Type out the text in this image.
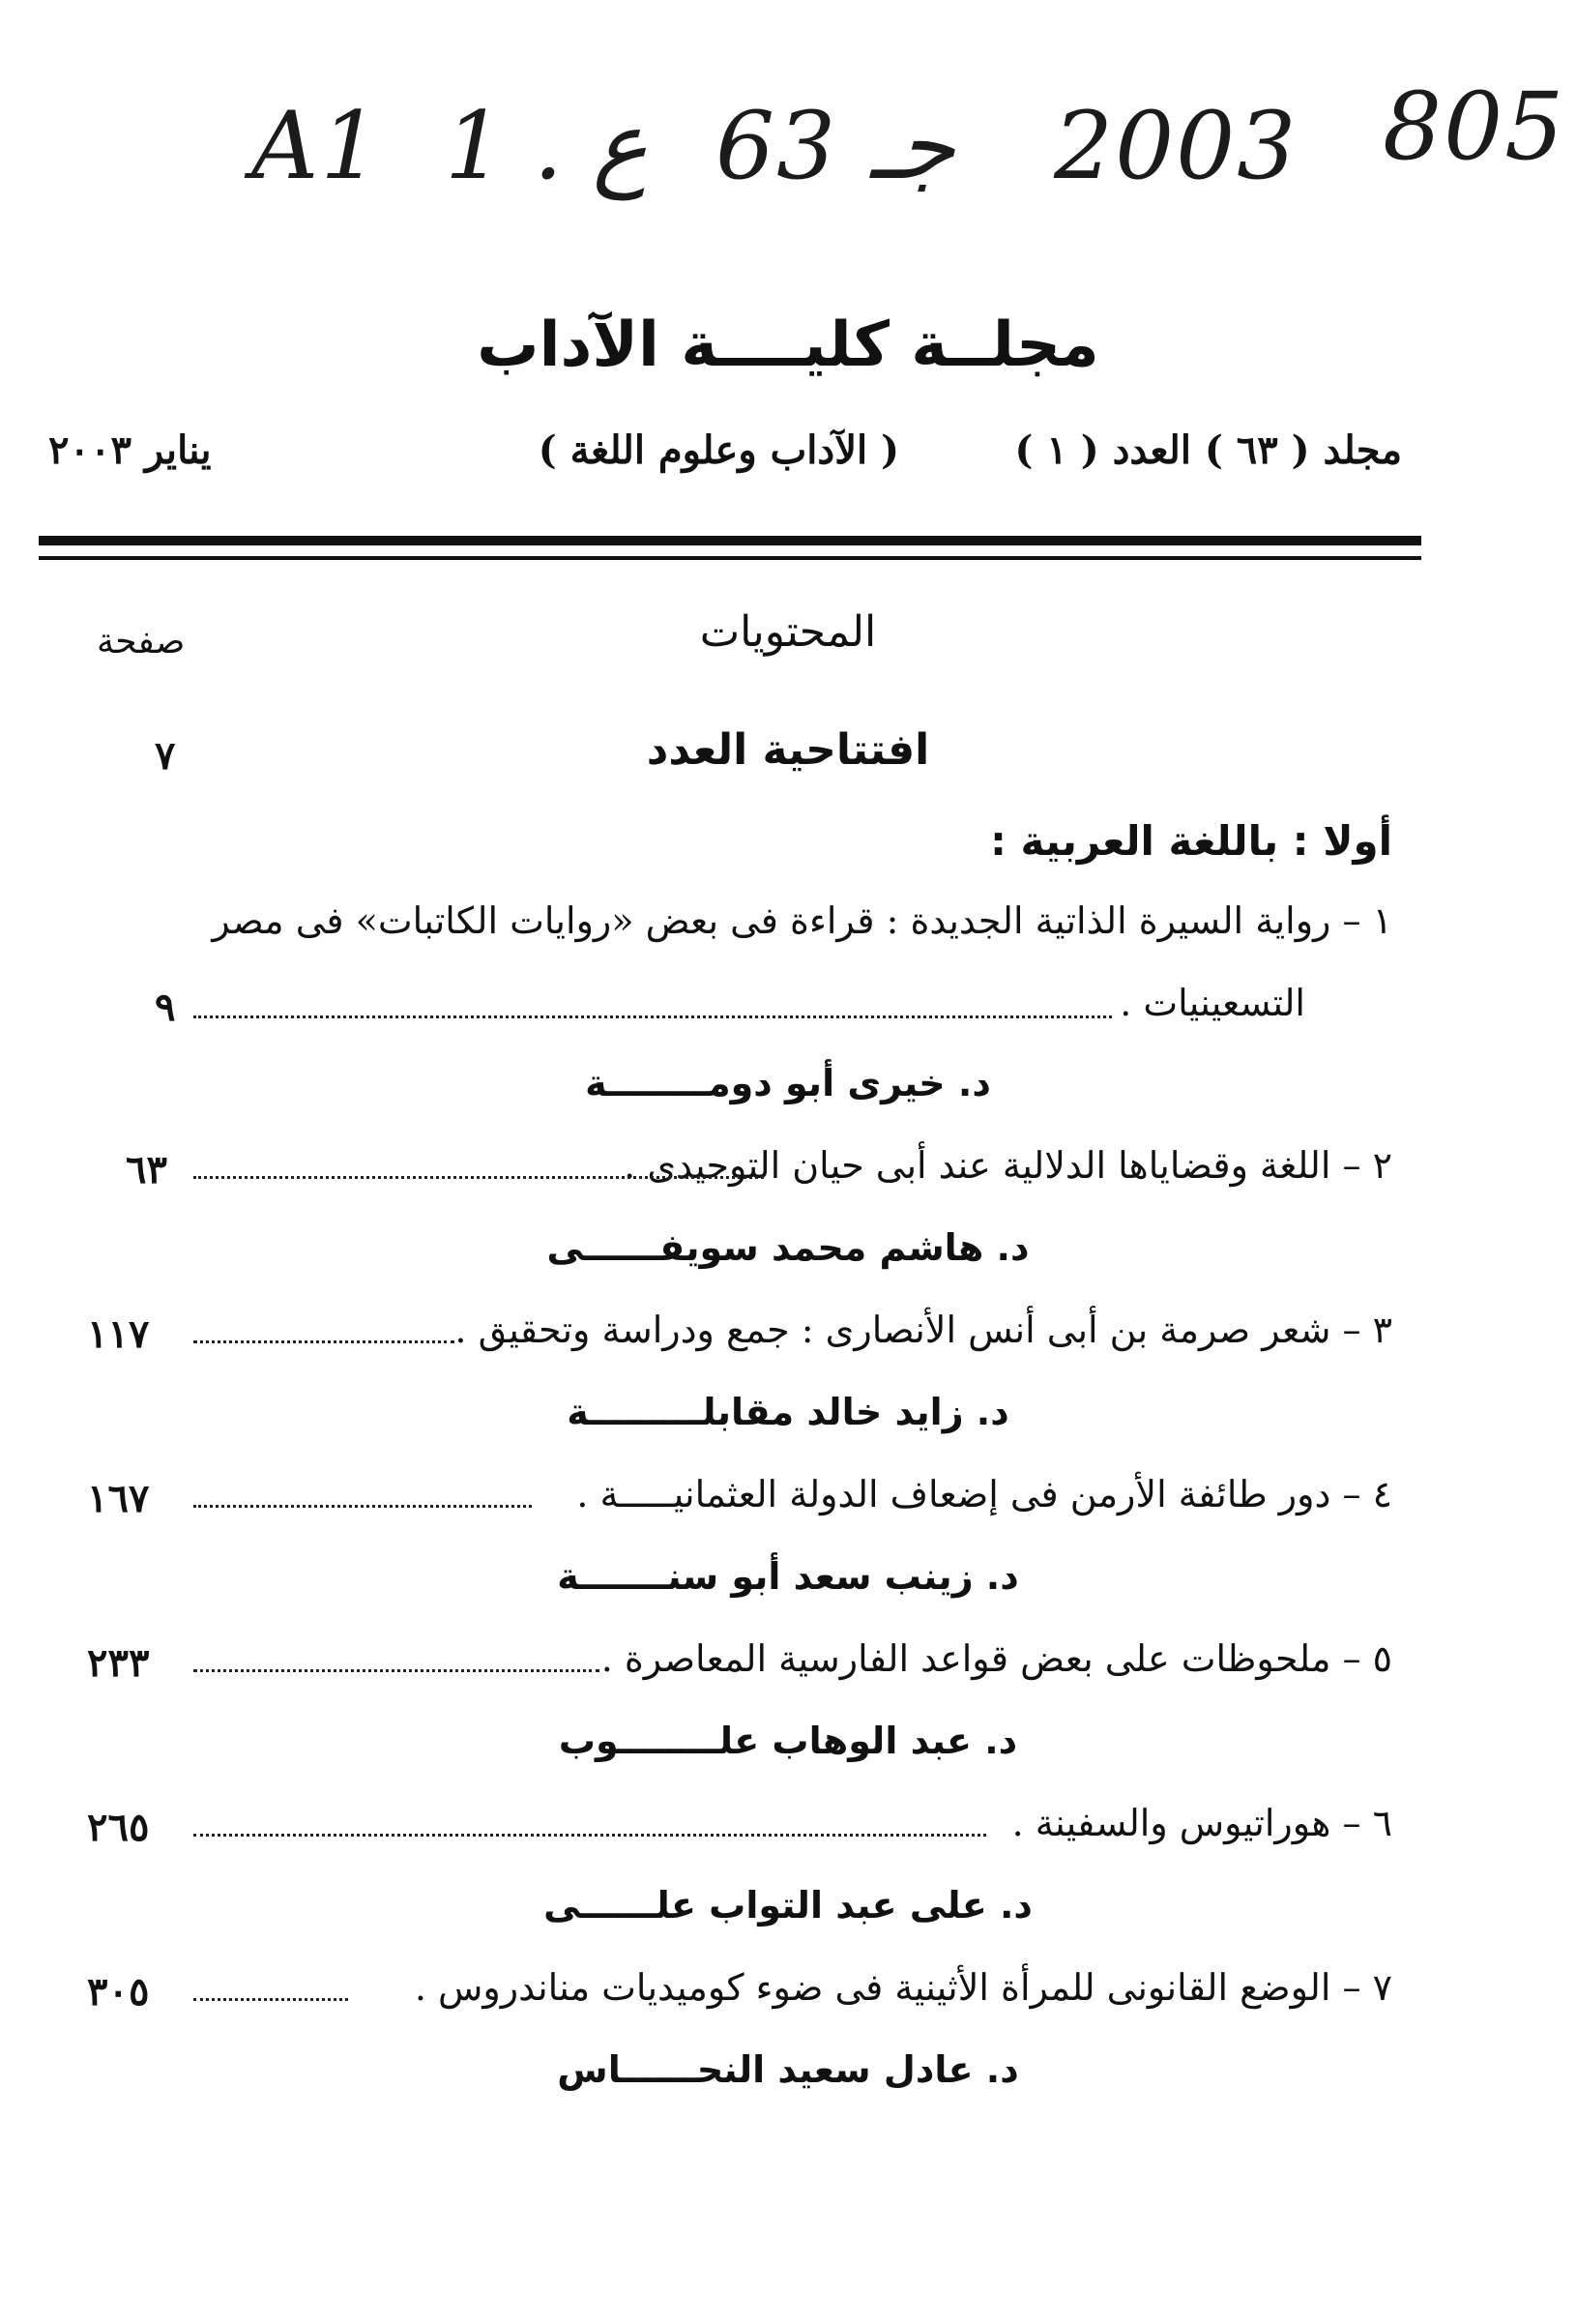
A1 1 . ع 63 جـ 2003 805
مجلــة كليــــة الآداب
مجلد ( ٦٣ ) العدد ( ١ )
( الآداب وعلوم اللغة )
يناير ٢٠٠٣
المحتويات
صفحة
افتتاحية العدد
٧
أولا : باللغة العربية :
١ – رواية السيرة الذاتية الجديدة : قراءة فى بعض «روايات الكاتبات» فى مصر
التسعينيات .
٩
د. خيرى أبو دومــــــــة
٢ – اللغة وقضاياها الدلالية عند أبى حيان التوحيدى .
٦٣
د. هاشم محمد سويفــــــى
٣ – شعر صرمة بن أبى أنس الأنصارى : جمع ودراسة وتحقيق .
١١٧
د. زايد خالد مقابلـــــــــة
٤ – دور طائفة الأرمن فى إضعاف الدولة العثمانيـــــة .
١٦٧
د. زينب سعد أبو سنـــــــة
٥ – ملحوظات على بعض قواعد الفارسية المعاصرة .
٢٣٣
د. عبد الوهاب علــــــــوب
٦ – هوراتيوس والسفينة .
٢٦٥
د. على عبد التواب علــــــى
٧ – الوضع القانونى للمرأة الأثينية فى ضوء كوميديات مناندروس .
٣٠٥
د. عادل سعيد النحــــــاس
